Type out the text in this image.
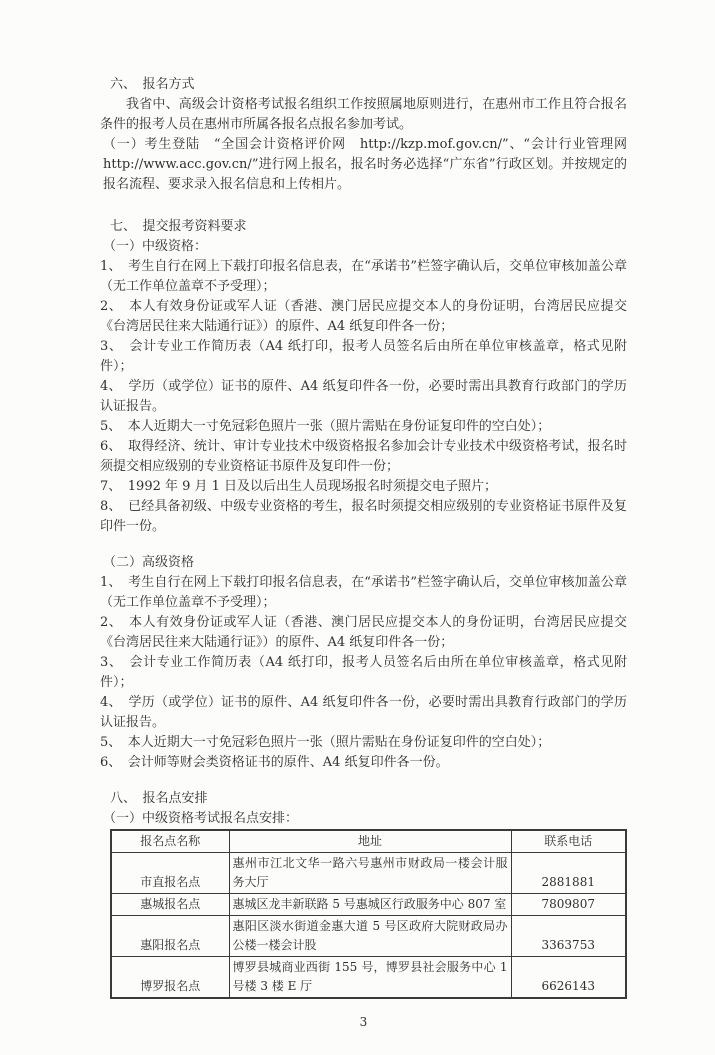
六、　报名方式

我省中、高级会计资格考试报名组织工作按照属地原则进行，在惠州市工作且符合报名条件的报考人员在惠州市所属各报名点报名参加考试。

（一）考生登陆　“全国会计资格评价网　http://kzp.mof.gov.cn/”、“会计行业管理网 http://www.acc.gov.cn/”进行网上报名，报名时务必选择“广东省”行政区划。并按规定的报名流程、要求录入报名信息和上传相片。

七、　提交报考资料要求

（一）中级资格：

1、　考生自行在网上下载打印报名信息表，在“承诺书”栏签字确认后，交单位审核加盖公章（无工作单位盖章不予受理）；

2、　本人有效身份证或军人证（香港、澳门居民应提交本人的身份证明，台湾居民应提交《台湾居民往来大陆通行证》）的原件、A4 纸复印件各一份；

3、　会计专业工作简历表（A4 纸打印，报考人员签名后由所在单位审核盖章，格式见附件）；

4、　学历（或学位）证书的原件、A4 纸复印件各一份，必要时需出具教育行政部门的学历认证报告。

5、　本人近期大一寸免冠彩色照片一张（照片需贴在身份证复印件的空白处）；

6、　取得经济、统计、审计专业技术中级资格报名参加会计专业技术中级资格考试，报名时须提交相应级别的专业资格证书原件及复印件一份；

7、　1992 年 9 月 1 日及以后出生人员现场报名时须提交电子照片；

8、　已经具备初级、中级专业资格的考生，报名时须提交相应级别的专业资格证书原件及复印件一份。

（二）高级资格

1、　考生自行在网上下载打印报名信息表，在“承诺书”栏签字确认后，交单位审核加盖公章（无工作单位盖章不予受理）；

2、　本人有效身份证或军人证（香港、澳门居民应提交本人的身份证明，台湾居民应提交《台湾居民往来大陆通行证》）的原件、A4 纸复印件各一份；

3、　会计专业工作简历表（A4 纸打印，报考人员签名后由所在单位审核盖章，格式见附件）；

4、　学历（或学位）证书的原件、A4 纸复印件各一份，必要时需出具教育行政部门的学历认证报告。

5、　本人近期大一寸免冠彩色照片一张（照片需贴在身份证复印件的空白处）；

6、　会计师等财会类资格证书的原件、A4 纸复印件各一份。

八、　报名点安排

（一）中级资格考试报名点安排：

报名点名称	地址	联系电话
市直报名点	惠州市江北文华一路六号惠州市财政局一楼会计服务大厅	2881881
惠城报名点	惠城区龙丰新联路 5 号惠城区行政服务中心 807 室	7809807
惠阳报名点	惠阳区淡水街道金惠大道 5 号区政府大院财政局办公楼一楼会计股	3363753
博罗报名点	博罗县城商业西街 155 号，博罗县社会服务中心 1 号楼 3 楼 E 厅	6626143

3
